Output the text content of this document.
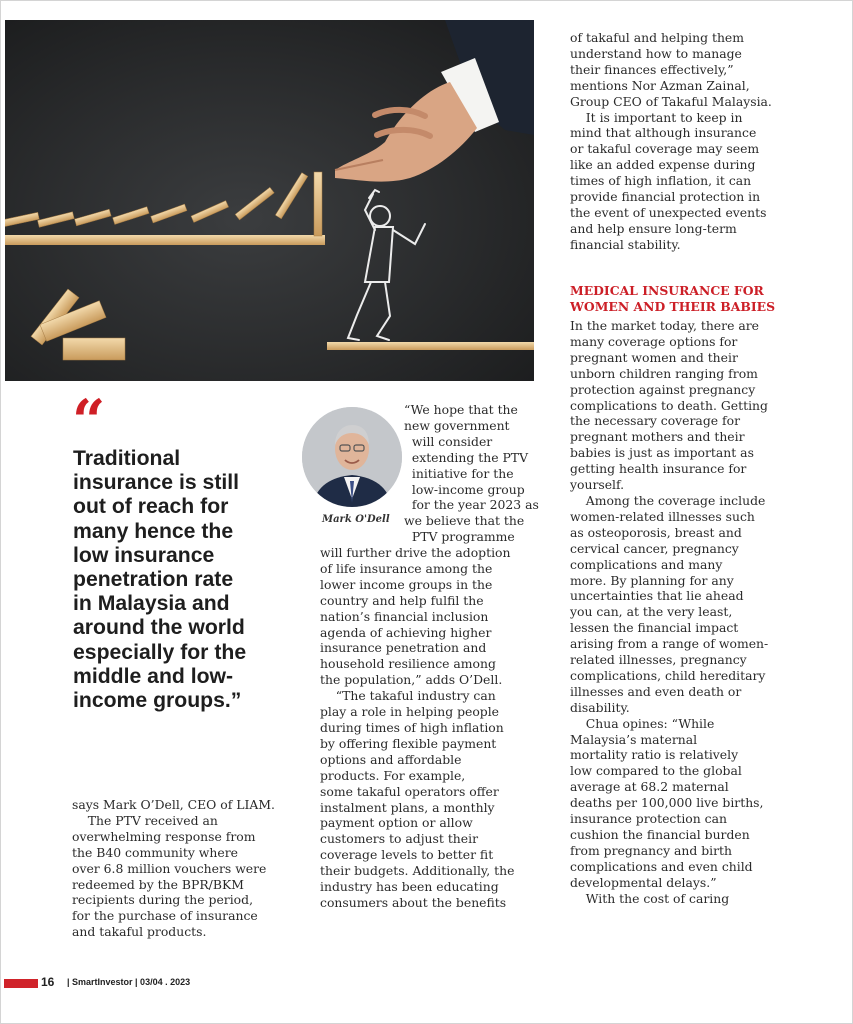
“

Traditional
insurance is still
out of reach for
many hence the
low insurance
penetration rate
in Malaysia and
around the world
especially for the
middle and low-
income groups.”

Mark O'Dell

says Mark O’Dell, CEO of LIAM.
The PTV received an
overwhelming response from
the B40 community where
over 6.8 million vouchers were
redeemed by the BPR/BKM
recipients during the period,
for the purchase of insurance
and takaful products.

“We hope that the
new government
will consider
extending the PTV
initiative for the
low-income group
for the year 2023 as
we believe that the
PTV programme

will further drive the adoption
of life insurance among the
lower income groups in the
country and help fulfil the
nation’s financial inclusion
agenda of achieving higher
insurance penetration and
household resilience among
the population,” adds O’Dell.
“The takaful industry can
play a role in helping people
during times of high inflation
by offering flexible payment
options and affordable
products. For example,
some takaful operators offer
instalment plans, a monthly
payment option or allow
customers to adjust their
coverage levels to better fit
their budgets. Additionally, the
industry has been educating
consumers about the benefits

of takaful and helping them
understand how to manage
their finances effectively,”
mentions Nor Azman Zainal,
Group CEO of Takaful Malaysia.
It is important to keep in
mind that although insurance
or takaful coverage may seem
like an added expense during
times of high inflation, it can
provide financial protection in
the event of unexpected events
and help ensure long-term
financial stability.

MEDICAL INSURANCE FOR
WOMEN AND THEIR BABIES

In the market today, there are
many coverage options for
pregnant women and their
unborn children ranging from
protection against pregnancy
complications to death. Getting
the necessary coverage for
pregnant mothers and their
babies is just as important as
getting health insurance for
yourself.
Among the coverage include
women-related illnesses such
as osteoporosis, breast and
cervical cancer, pregnancy
complications and many
more. By planning for any
uncertainties that lie ahead
you can, at the very least,
lessen the financial impact
arising from a range of women-
related illnesses, pregnancy
complications, child hereditary
illnesses and even death or
disability.
Chua opines: “While
Malaysia’s maternal
mortality ratio is relatively
low compared to the global
average at 68.2 maternal
deaths per 100,000 live births,
insurance protection can
cushion the financial burden
from pregnancy and birth
complications and even child
developmental delays.”
With the cost of caring

16 | SmartInvestor | 03/04 . 2023
